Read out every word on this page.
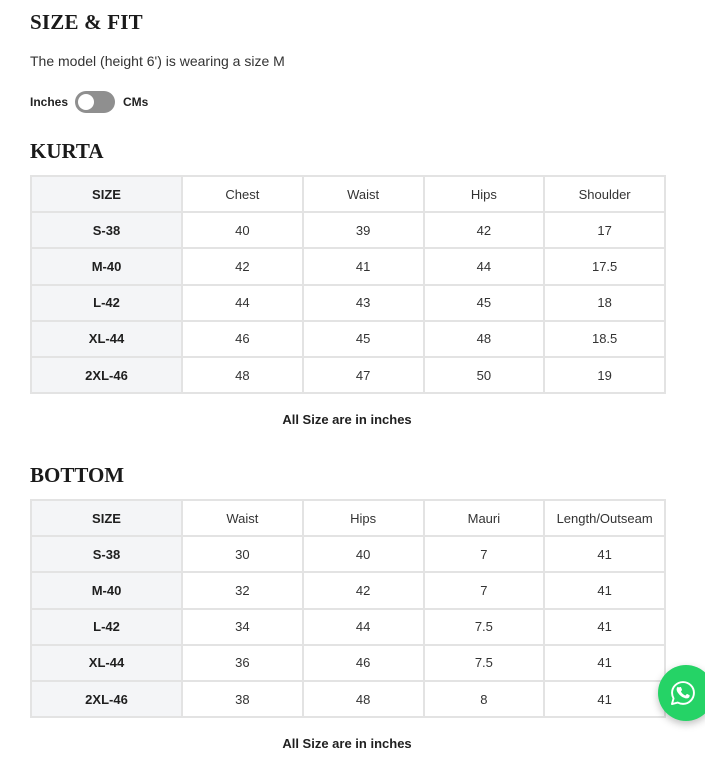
SIZE & FIT

The model (height 6') is wearing a size M

Inches	CMs
KURTA
SIZE	Chest	Waist	Hips	Shoulder
S-38	40	39	42	17
M-40	42	41	44	17.5
L-42	44	43	45	18
XL-44	46	45	48	18.5
2XL-46	48	47	50	19

All Size are in inches

BOTTOM
SIZE	Waist	Hips	Mauri	Length/Outseam
S-38	30	40	7	41
M-40	32	42	7	41
L-42	34	44	7.5	41
XL-44	36	46	7.5	41
2XL-46	38	48	8	41

All Size are in inches
